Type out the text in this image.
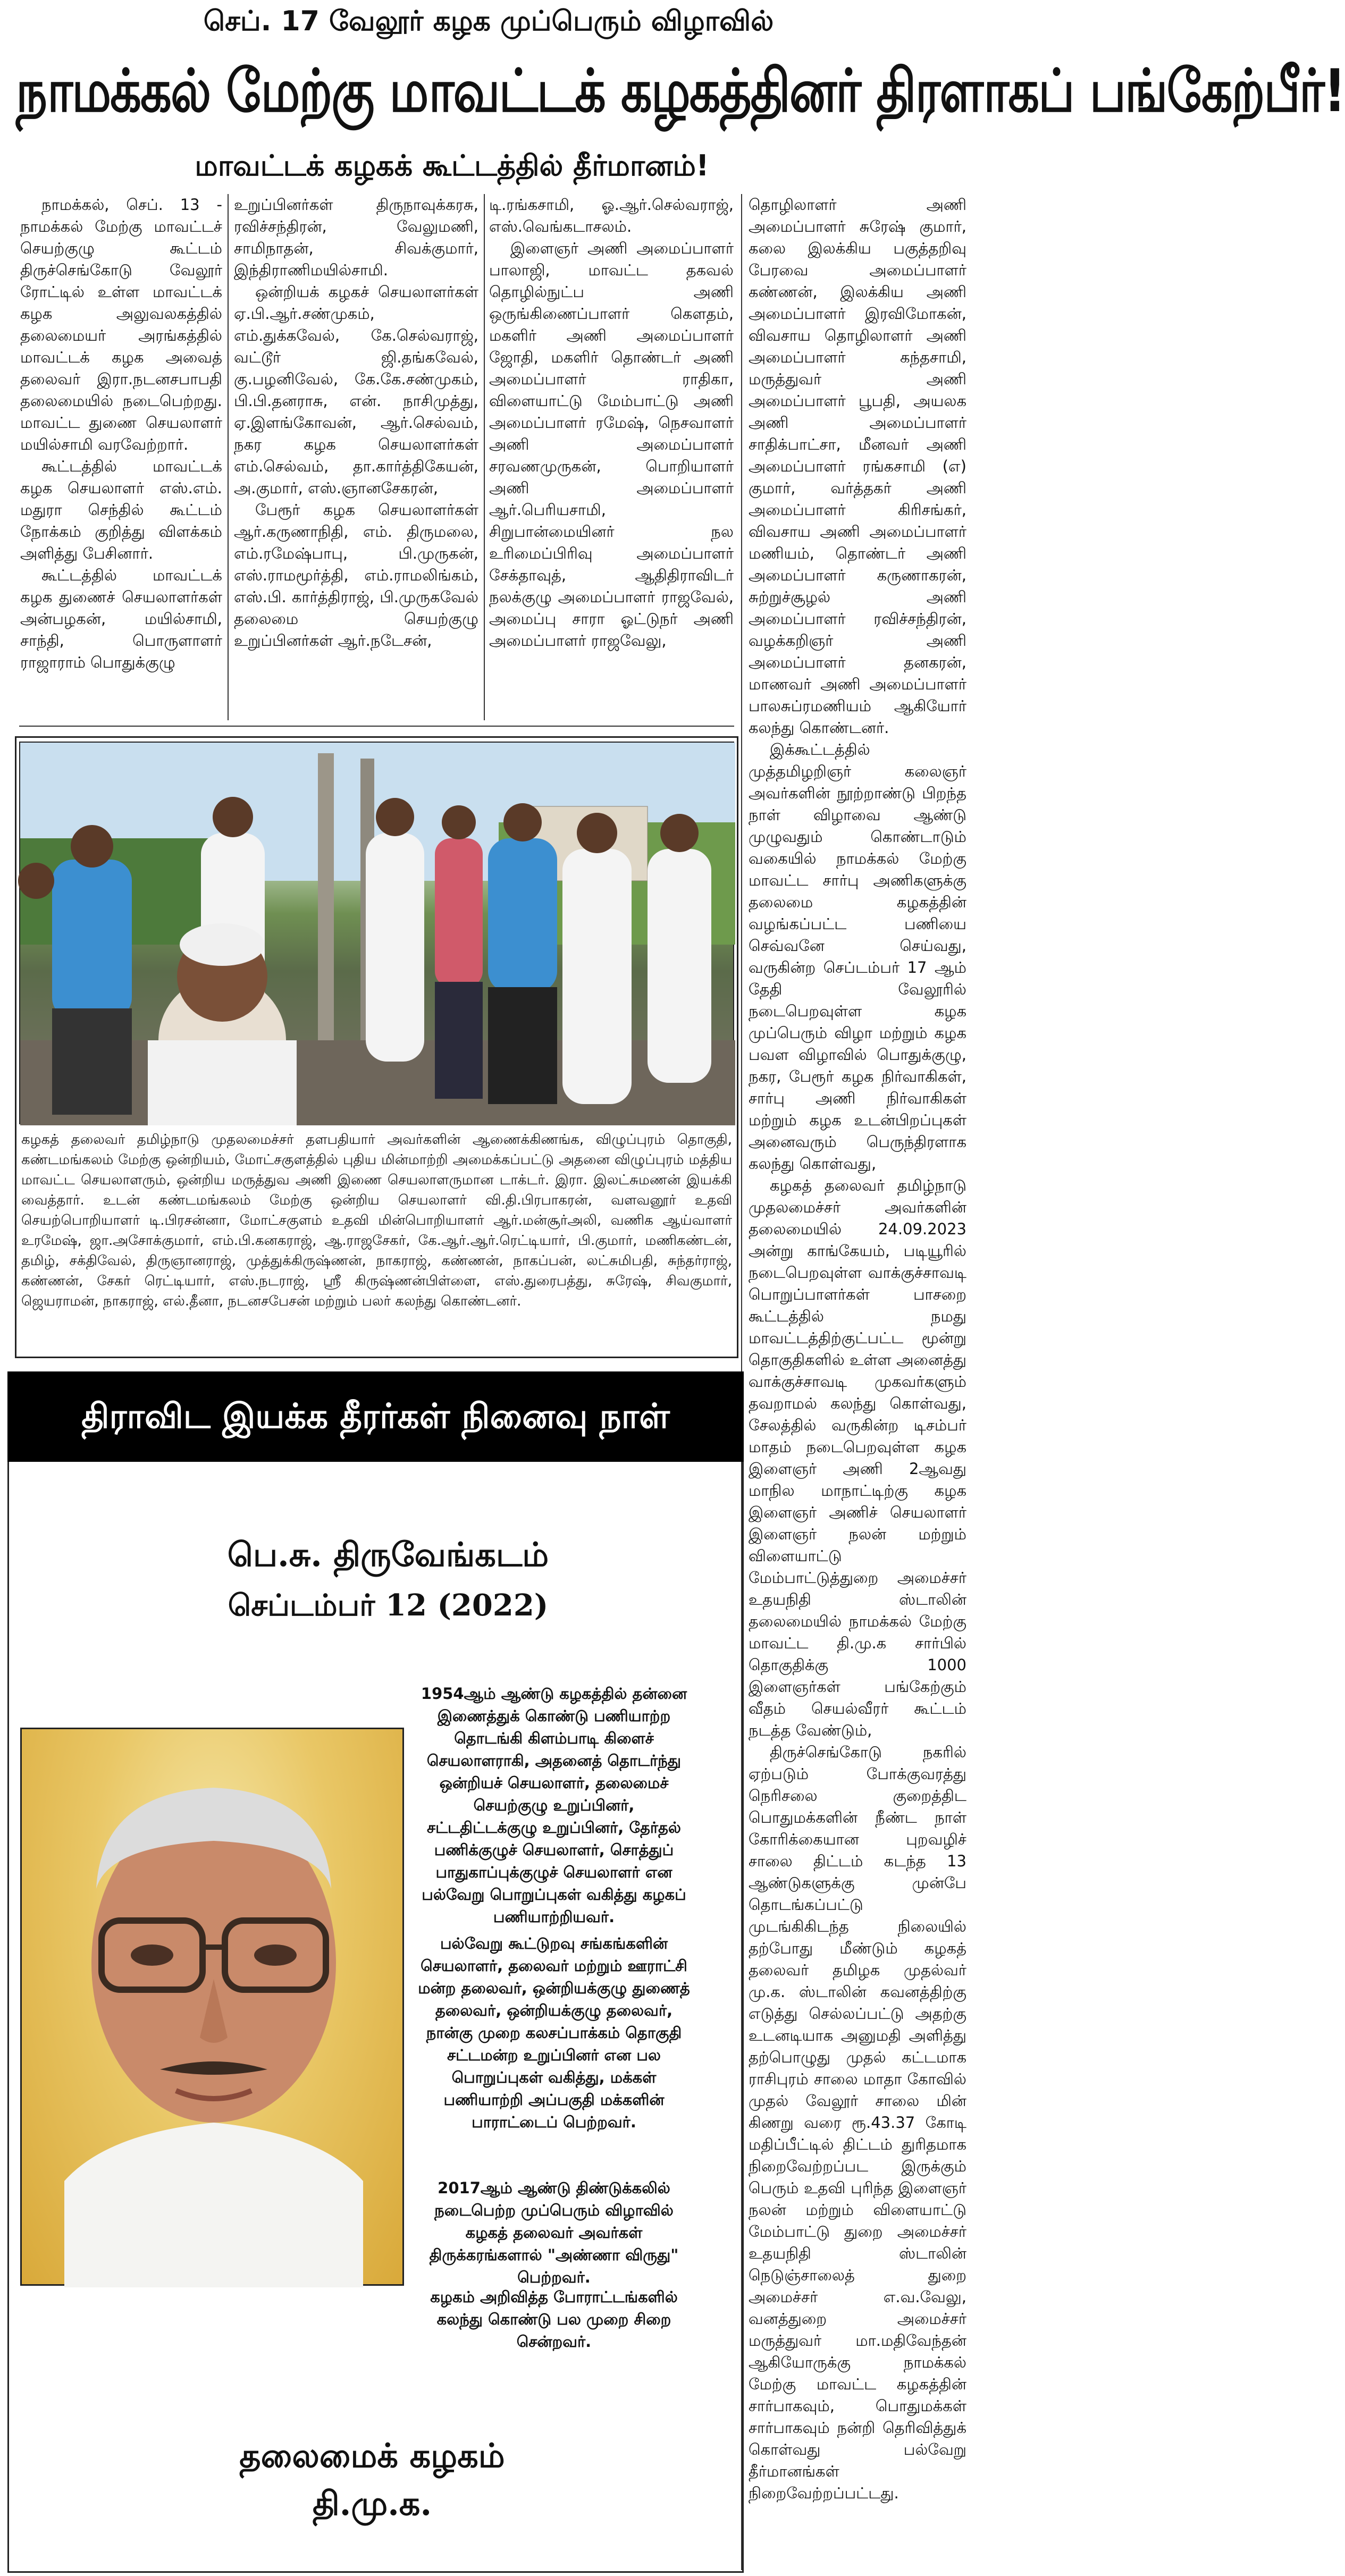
செப். 17 வேலூர் கழக முப்பெரும் விழாவில்
நாமக்கல் மேற்கு மாவட்டக் கழகத்தினர் திரளாகப் பங்கேற்பீர்!
மாவட்டக் கழகக் கூட்டத்தில் தீர்மானம்!

நாமக்கல், செப். 13 - நாமக்கல் மேற்கு மாவட்டச் செயற்குழு கூட்டம் திருச்செங்கோடு வேலூர் ரோட்டில் உள்ள மாவட்டக் கழக அலுவலகத்தில் தலைமையர் அரங்கத்தில் மாவட்டக் கழக அவைத் தலைவர் இரா.நடனசபாபதி தலைமையில் நடைபெற்றது. மாவட்ட துணை செயலாளர் மயில்சாமி வரவேற்றார்.

கூட்டத்தில் மாவட்டக் கழக செயலாளர் எஸ்.எம். மதுரா செந்தில் கூட்டம் நோக்கம் குறித்து விளக்கம் அளித்து பேசினார்.

கூட்டத்தில் மாவட்டக் கழக துணைச் செயலாளர்கள் அன்பழகன், மயில்சாமி, சாந்தி, பொருளாளர் ராஜாராம் பொதுக்குழு

உறுப்பினர்கள் திருநாவுக்கரசு, ரவிச்சந்திரன், வேலுமணி, சாமிநாதன், சிவக்குமார், இந்திராணிமயில்சாமி.

ஒன்றியக் கழகச் செயலாளர்கள் ஏ.பி.ஆர்.சண்முகம், எம்.துக்கவேல், கே.செல்வராஜ், வட்டூர் ஜி.தங்கவேல், கு.பழனிவேல், கே.கே.சண்முகம், பி.பி.தனராசு, என். நாசிமுத்து, ஏ.இளங்கோவன், ஆர்.செல்வம், நகர கழக செயலாளர்கள் எம்.செல்வம், தா.கார்த்திகேயன், அ.குமார், எஸ்.ஞானசேகரன்,

பேரூர் கழக செயலாளர்கள் ஆர்.கருணாநிதி, எம். திருமலை, எம்.ரமேஷ்பாபு, பி.முருகன், எஸ்.ராமமூர்த்தி, எம்.ராமலிங்கம், எஸ்.பி. கார்த்திராஜ், பி.முருகவேல் தலைமை செயற்குழு உறுப்பினர்கள் ஆர்.நடேசன்,

டி.ரங்கசாமி, ஓ.ஆர்.செல்வராஜ், எஸ்.வெங்கடாசலம்.

இளைஞர் அணி அமைப்பாளர் பாலாஜி, மாவட்ட தகவல் தொழில்நுட்ப அணி ஒருங்கிணைப்பாளர் கௌதம், மகளிர் அணி அமைப்பாளர் ஜோதி, மகளிர் தொண்டர் அணி அமைப்பாளர் ராதிகா, விளையாட்டு மேம்பாட்டு அணி அமைப்பாளர் ரமேஷ், நெசவாளர் அணி அமைப்பாளர் சரவணமுருகன், பொறியாளர் அணி அமைப்பாளர் ஆர்.பெரியசாமி, சிறுபான்மையினர் நல உரிமைப்பிரிவு அமைப்பாளர் சேக்தாவுத், ஆதிதிராவிடர் நலக்குழு அமைப்பாளர் ராஜவேல், அமைப்பு சாரா ஓட்டுநர் அணி அமைப்பாளர் ராஜவேலு,

தொழிலாளர் அணி அமைப்பாளர் சுரேஷ் குமார், கலை இலக்கிய பகுத்தறிவு பேரவை அமைப்பாளர் கண்ணன், இலக்கிய அணி அமைப்பாளர் இரவிமோகன், விவசாய தொழிலாளர் அணி அமைப்பாளர் கந்தசாமி, மருத்துவர் அணி அமைப்பாளர் பூபதி, அயலக அணி அமைப்பாளர் சாதிக்பாட்சா, மீனவர் அணி அமைப்பாளர் ரங்கசாமி (எ) குமார், வர்த்தகர் அணி அமைப்பாளர் கிரிசங்கர், விவசாய அணி அமைப்பாளர் மணியம், தொண்டர் அணி அமைப்பாளர் கருணாகரன், சுற்றுச்சூழல் அணி அமைப்பாளர் ரவிச்சந்திரன், வழக்கறிஞர் அணி அமைப்பாளர் தனகரன், மாணவர் அணி அமைப்பாளர் பாலசுப்ரமணியம் ஆகியோர் கலந்து கொண்டனர்.

இக்கூட்டத்தில் முத்தமிழறிஞர் கலைஞர் அவர்களின் நூற்றாண்டு பிறந்த நாள் விழாவை ஆண்டு முழுவதும் கொண்டாடும் வகையில் நாமக்கல் மேற்கு மாவட்ட சார்பு அணிகளுக்கு தலைமை கழகத்தின் வழங்கப்பட்ட பணியை செவ்வனே செய்வது, வருகின்ற செப்டம்பர் 17 ஆம் தேதி வேலூரில் நடைபெறவுள்ள கழக முப்பெரும் விழா மற்றும் கழக பவள விழாவில் பொதுக்குழு, நகர, பேரூர் கழக நிர்வாகிகள், சார்பு அணி நிர்வாகிகள் மற்றும் கழக உடன்பிறப்புகள் அனைவரும் பெருந்திரளாக கலந்து கொள்வது,

கழகத் தலைவர் தமிழ்நாடு முதலமைச்சர் அவர்களின் தலைமையில் 24.09.2023 அன்று காங்கேயம், படியூரில் நடைபெறவுள்ள வாக்குச்சாவடி பொறுப்பாளர்கள் பாசறை கூட்டத்தில் நமது மாவட்டத்திற்குட்பட்ட மூன்று தொகுதிகளில் உள்ள அனைத்து வாக்குச்சாவடி முகவர்களும் தவறாமல் கலந்து கொள்வது, சேலத்தில் வருகின்ற டிசம்பர் மாதம் நடைபெறவுள்ள கழக இளைஞர் அணி 2ஆவது மாநில மாநாட்டிற்கு கழக இளைஞர் அணிச் செயலாளர் இளைஞர் நலன் மற்றும் விளையாட்டு மேம்பாட்டுத்துறை அமைச்சர் உதயநிதி ஸ்டாலின் தலைமையில் நாமக்கல் மேற்கு மாவட்ட தி.மு.க சார்பில் தொகுதிக்கு 1000 இளைஞர்கள் பங்கேற்கும் வீதம் செயல்வீரர் கூட்டம் நடத்த வேண்டும்,

திருச்செங்கோடு நகரில் ஏற்படும் போக்குவரத்து நெரிசலை குறைத்திட பொதுமக்களின் நீண்ட நாள் கோரிக்கையான புறவழிச் சாலை திட்டம் கடந்த 13 ஆண்டுகளுக்கு முன்பே தொடங்கப்பட்டு முடங்கிகிடந்த நிலையில் தற்போது மீண்டும் கழகத் தலைவர் தமிழக முதல்வர் மு.க. ஸ்டாலின் கவனத்திற்கு எடுத்து செல்லப்பட்டு அதற்கு உடனடியாக அனுமதி அளித்து தற்பொழுது முதல் கட்டமாக ராசிபுரம் சாலை மாதா கோவில் முதல் வேலூர் சாலை மின் கிணறு வரை ரூ.43.37 கோடி மதிப்பீட்டில் திட்டம் துரிதமாக நிறைவேற்றப்பட இருக்கும் பெரும் உதவி புரிந்த இளைஞர் நலன் மற்றும் விளையாட்டு மேம்பாட்டு துறை அமைச்சர் உதயநிதி ஸ்டாலின் நெடுஞ்சாலைத் துறை அமைச்சர் எ.வ.வேலு, வனத்துறை அமைச்சர் மருத்துவர் மா.மதிவேந்தன் ஆகியோருக்கு நாமக்கல் மேற்கு மாவட்ட கழகத்தின் சார்பாகவும், பொதுமக்கள் சார்பாகவும் நன்றி தெரிவித்துக் கொள்வது பல்வேறு தீர்மானங்கள் நிறைவேற்றப்பட்டது.

கழகத் தலைவர் தமிழ்நாடு முதலமைச்சர் தளபதியார் அவர்களின் ஆணைக்கிணங்க, விழுப்புரம் தொகுதி, கண்டமங்கலம் மேற்கு ஒன்றியம், மோட்சகுளத்தில் புதிய மின்மாற்றி அமைக்கப்பட்டு அதனை விழுப்புரம் மத்திய மாவட்ட செயலாளரும், ஒன்றிய மருத்துவ அணி இணை செயலாளருமான டாக்டர். இரா. இலட்சுமணன் இயக்கி வைத்தார். உடன் கண்டமங்கலம் மேற்கு ஒன்றிய செயலாளர் வி.தி.பிரபாகரன், வளவனூர் உதவி செயற்பொறியாளர் டி.பிரசன்னா, மோட்சகுளம் உதவி மின்பொறியாளர் ஆர்.மன்சூர்அலி, வணிக ஆய்வாளர் உரமேஷ், ஜா.அசோக்குமார், எம்.பி.கனகராஜ், ஆ.ராஜசேகர், கே.ஆர்.ஆர்.ரெட்டியார், பி.குமார், மணிகண்டன், தமிழ், சக்திவேல், திருஞானராஜ், முத்துக்கிருஷ்ணன், நாகராஜ், கண்ணன், நாகப்பன், லட்சுமிபதி, சுந்தர்ராஜ், கண்ணன், சேகர் ரெட்டியார், எஸ்.நடராஜ், ஸ்ரீ கிருஷ்ணன்பிள்ளை, எஸ்.துரைபத்து, சுரேஷ், சிவகுமார், ஜெயராமன், நாகராஜ், எல்.தீனா, நடனசபேசன் மற்றும் பலர் கலந்து கொண்டனர்.
திராவிட இயக்க தீரர்கள் நினைவு நாள்
பெ.சு. திருவேங்கடம்
செப்டம்பர் 12 (2022)
1954ஆம் ஆண்டு கழகத்தில் தன்னை இணைத்துக் கொண்டு பணியாற்ற தொடங்கி கிளம்பாடி கிளைச் செயலாளராகி, அதனைத் தொடர்ந்து ஒன்றியச் செயலாளர், தலைமைச் செயற்குழு உறுப்பினர், சட்டதிட்டக்குழு உறுப்பினர், தேர்தல் பணிக்குழுச் செயலாளர், சொத்துப் பாதுகாப்புக்குழுச் செயலாளர் என பல்வேறு பொறுப்புகள் வகித்து கழகப் பணியாற்றியவர்.
பல்வேறு கூட்டுறவு சங்கங்களின் செயலாளர், தலைவர் மற்றும் ஊராட்சி மன்ற தலைவர், ஒன்றியக்குழு துணைத் தலைவர், ஒன்றியக்குழு தலைவர், நான்கு முறை கலசப்பாக்கம் தொகுதி சட்டமன்ற உறுப்பினர் என பல பொறுப்புகள் வகித்து, மக்கள் பணியாற்றி அப்பகுதி மக்களின் பாராட்டைப் பெற்றவர்.
2017ஆம் ஆண்டு திண்டுக்கலில் நடைபெற்ற முப்பெரும் விழாவில் கழகத் தலைவர் அவர்கள் திருக்கரங்களால் "அண்ணா விருது" பெற்றவர்.
கழகம் அறிவித்த போராட்டங்களில் கலந்து கொண்டு பல முறை சிறை சென்றவர்.
தலைமைக் கழகம்
தி.மு.க.
